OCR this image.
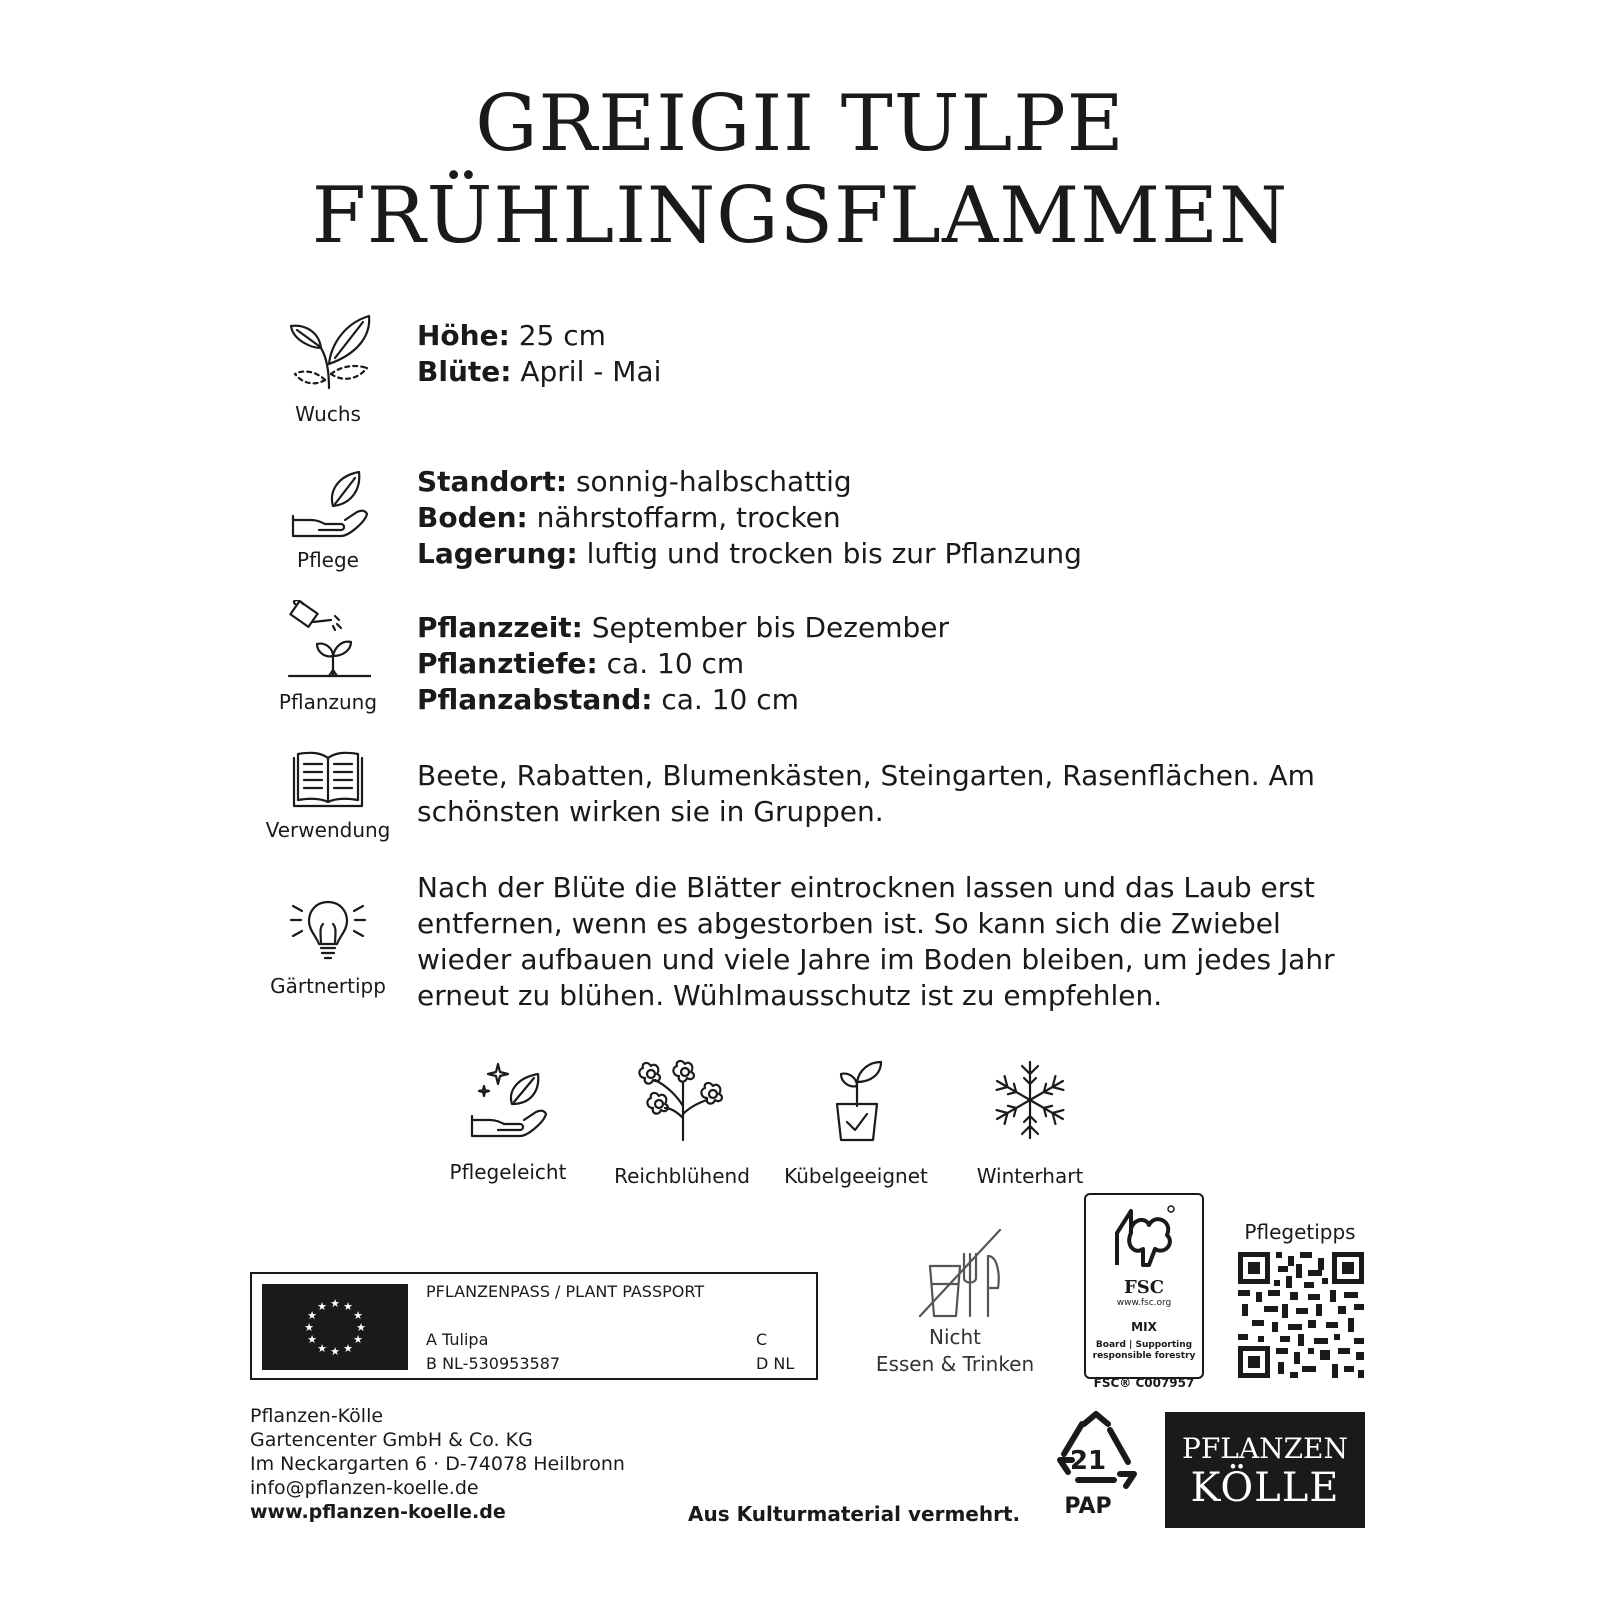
GREIGII TULPE
FRÜHLINGSFLAMMEN
Wuchs
Höhe: 25 cm
Blüte: April - Mai
Pflege
Standort: sonnig-halbschattig
Boden: nährstoffarm, trocken
Lagerung: luftig und trocken bis zur Pflanzung
Pflanzung
Pflanzzeit: September bis Dezember
Pflanztiefe: ca. 10 cm
Pflanzabstand: ca. 10 cm
Verwendung
Beete, Rabatten, Blumenkästen, Steingarten, Rasenflächen. Am schönsten wirken sie in Gruppen.
Gärtnertipp
Nach der Blüte die Blätter eintrocknen lassen und das Laub erst entfernen, wenn es abgestorben ist. So kann sich die Zwiebel wieder aufbauen und viele Jahre im Boden bleiben, um jedes Jahr erneut zu blühen. Wühlmausschutz ist zu empfehlen.
Pflegeleicht	Reichblühend	Kübelgeeignet	Winterhart
★ ★
★
★
★
★
★
★
★
★
★
★
PFLANZENPASS / PLANT PASSPORT
A Tulipa
B NL-530953587
C
D NL
Nicht
Essen & Trinken
FSC
www.fsc.org
MIX
Board | Supporting
responsible forestry
FSC® C007957
Pflegetipps
Pflanzen-Kölle
Gartencenter GmbH & Co. KG
Im Neckargarten 6 · D-74078 Heilbronn
info@pflanzen-koelle.de
www.pflanzen-koelle.de	Aus Kulturmaterial vermehrt.
21
PAP
PFLANZEN
KÖLLE
